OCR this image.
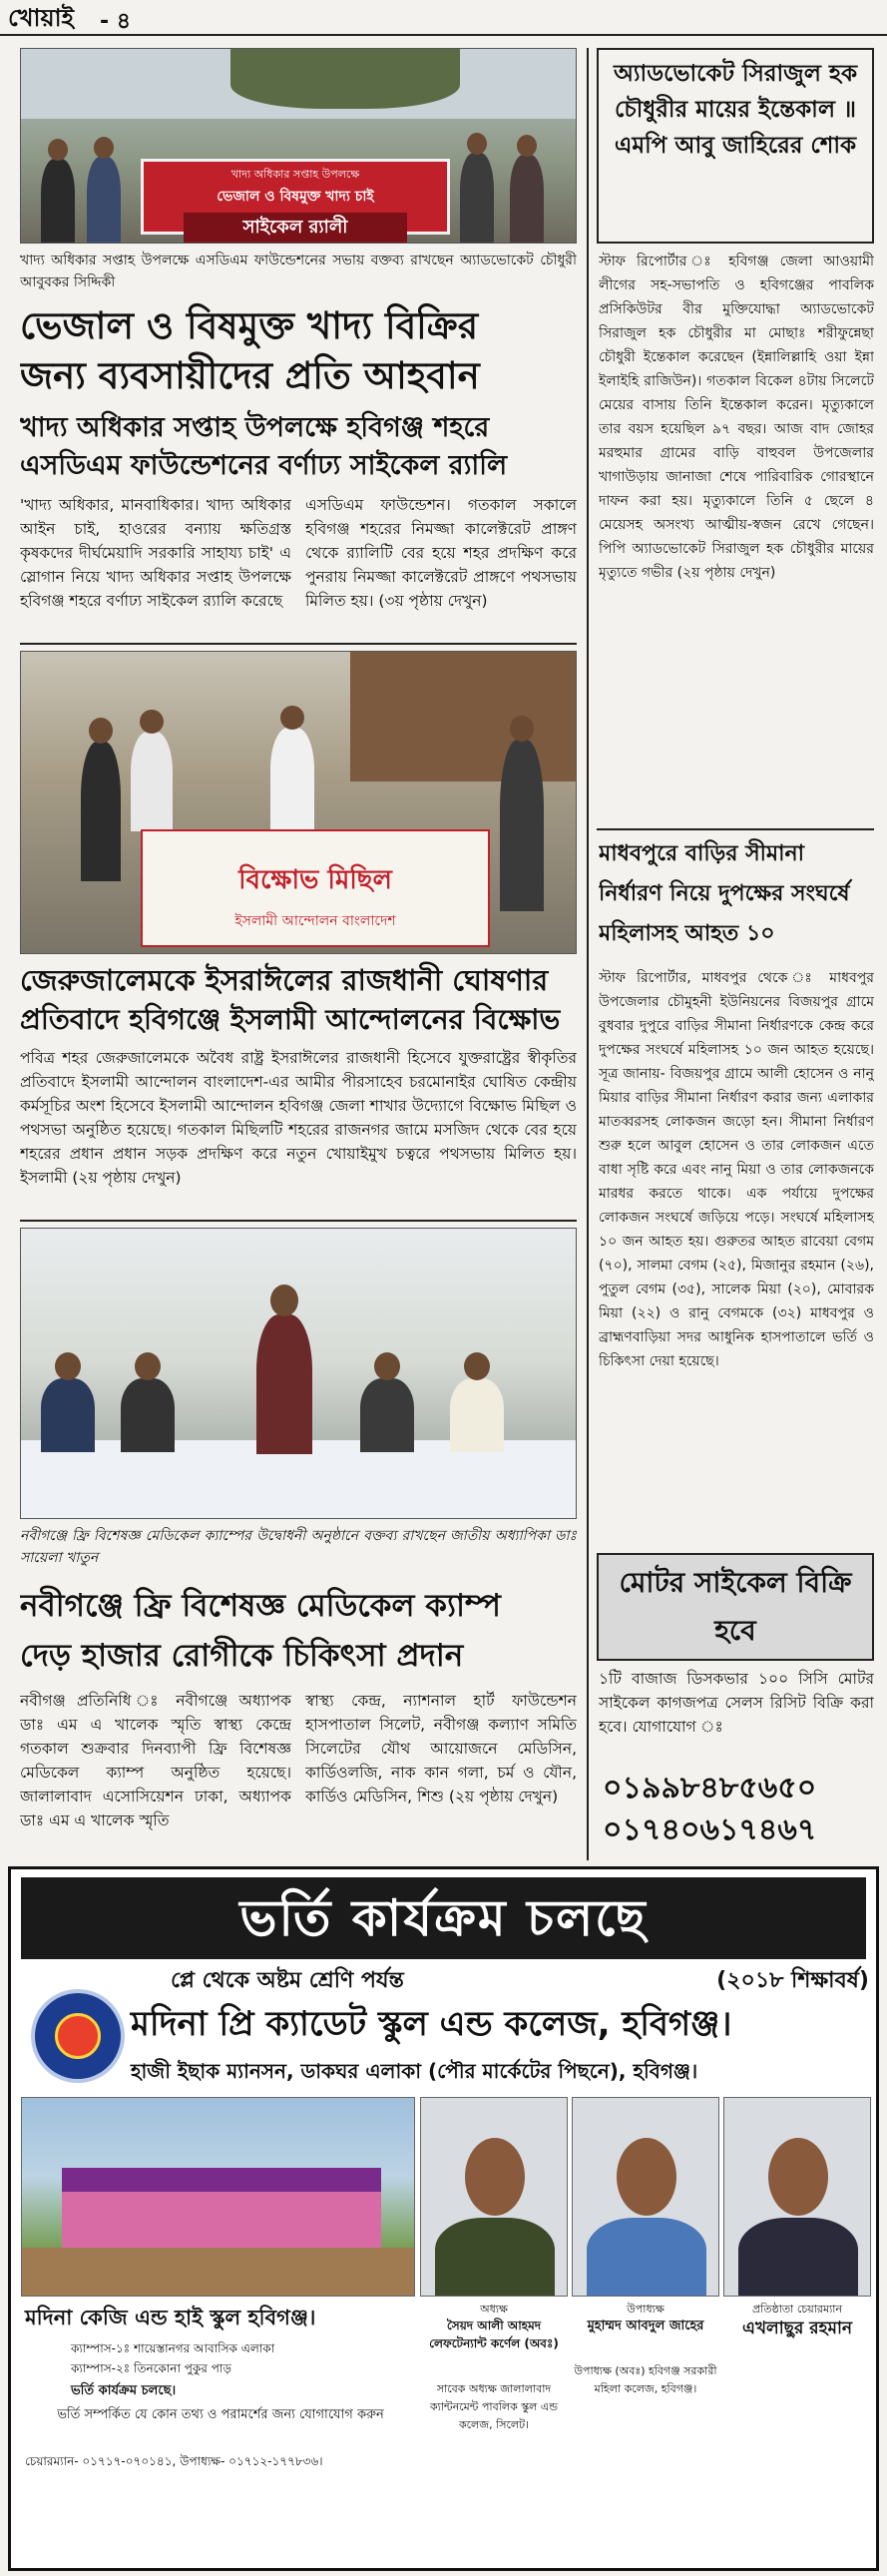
খোয়াই - ৪
খাদ্য অধিকার সপ্তাহ উপলক্ষে
ভেজাল ও বিষমুক্ত খাদ্য চাই
সাইকেল র‍্যালী
খাদ্য অধিকার সপ্তাহ উপলক্ষে এসডিএম ফাউন্ডেশনের সভায় বক্তব্য রাখছেন অ্যাডভোকেট চৌধুরী আবুবকর সিদ্দিকী
ভেজাল ও বিষমুক্ত খাদ্য বিক্রির
জন্য ব্যবসায়ীদের প্রতি আহবান
খাদ্য অধিকার সপ্তাহ উপলক্ষে হবিগঞ্জ শহরে
এসডিএম ফাউন্ডেশনের বর্ণাঢ্য সাইকেল র‍্যালি
'খাদ্য অধিকার, মানবাধিকার। খাদ্য অধিকার আইন চাই, হাওরের বন্যায় ক্ষতিগ্রস্ত কৃষকদের দীর্ঘমেয়াদি সরকারি সাহায্য চাই' এ স্লোগান নিয়ে খাদ্য অধিকার সপ্তাহ উপলক্ষে হবিগঞ্জ শহরে বর্ণাঢ্য সাইকেল র‍্যালি করেছে
এসডিএম ফাউন্ডেশন। গতকাল সকালে হবিগঞ্জ শহরের নিমজ্জা কালেক্টরেট প্রাঙ্গণ থেকে র‍্যালিটি বের হয়ে শহর প্রদক্ষিণ করে পুনরায় নিমজ্জা কালেক্টরেট প্রাঙ্গণে পথসভায় মিলিত হয়। (৩য় পৃষ্ঠায় দেখুন)
বিক্ষোভ মিছিল
ইসলামী আন্দোলন বাংলাদেশ
জেরুজালেমকে ইসরাঈলের রাজধানী ঘোষণার
প্রতিবাদে হবিগঞ্জে ইসলামী আন্দোলনের বিক্ষোভ
পবিত্র শহর জেরুজালেমকে অবৈধ রাষ্ট্র ইসরাঈলের রাজধানী হিসেবে যুক্তরাষ্ট্রের স্বীকৃতির প্রতিবাদে ইসলামী আন্দোলন বাংলাদেশ-এর আমীর পীরসাহেব চরমোনাইর ঘোষিত কেন্দ্রীয় কর্মসূচির অংশ হিসেবে ইসলামী আন্দোলন হবিগঞ্জ জেলা শাখার উদ্যোগে বিক্ষোভ মিছিল ও পথসভা অনুষ্ঠিত হয়েছে। গতকাল মিছিলটি শহরের রাজনগর জামে মসজিদ থেকে বের হয়ে শহরের প্রধান প্রধান সড়ক প্রদক্ষিণ করে নতুন খোয়াইমুখ চত্বরে পথসভায় মিলিত হয়। ইসলামী (২য় পৃষ্ঠায় দেখুন)
নবীগঞ্জে ফ্রি বিশেষজ্ঞ মেডিকেল ক্যাম্পের উদ্বোধনী অনুষ্ঠানে বক্তব্য রাখছেন জাতীয় অধ্যাপিকা ডাঃ সায়েলা খাতুন
নবীগঞ্জে ফ্রি বিশেষজ্ঞ মেডিকেল ক্যাম্প
দেড় হাজার রোগীকে চিকিৎসা প্রদান
নবীগঞ্জ প্রতিনিধি ঃ নবীগঞ্জে অধ্যাপক ডাঃ এম এ খালেক স্মৃতি স্বাস্থ্য কেন্দ্রে গতকাল শুক্রবার দিনব্যাপী ফ্রি বিশেষজ্ঞ মেডিকেল ক্যাম্প অনুষ্ঠিত হয়েছে। জালালাবাদ এসোসিয়েশন ঢাকা, অধ্যাপক ডাঃ এম এ খালেক স্মৃতি
স্বাস্থ্য কেন্দ্র, ন্যাশনাল হার্ট ফাউন্ডেশন হাসপাতাল সিলেট, নবীগঞ্জ কল্যাণ সমিতি সিলেটের যৌথ আয়োজনে মেডিসিন, কার্ডিওলজি, নাক কান গলা, চর্ম ও যৌন, কার্ডিও মেডিসিন, শিশু (২য় পৃষ্ঠায় দেখুন)
অ্যাডভোকেট সিরাজুল হক চৌধুরীর মায়ের ইন্তেকাল ॥ এমপি আবু জাহিরের শোক
স্টাফ রিপোর্টার ঃ হবিগঞ্জ জেলা আওয়ামী লীগের সহ-সভাপতি ও হবিগঞ্জের পাবলিক প্রসিকিউটর বীর মুক্তিযোদ্ধা অ্যাডভোকেট সিরাজুল হক চৌধুরীর মা মোছাঃ শরীফুন্নেছা চৌধুরী ইন্তেকাল করেছেন (ইন্নালিল্লাহি ওয়া ইন্না ইলাইহি রাজিউন)। গতকাল বিকেল ৪টায় সিলেটে মেয়ের বাসায় তিনি ইন্তেকাল করেন। মৃত্যুকালে তার বয়স হয়েছিল ৯৭ বছর। আজ বাদ জোহর মরহুমার গ্রামের বাড়ি বাহুবল উপজেলার খাগাউড়ায় জানাজা শেষে পারিবারিক গোরস্থানে দাফন করা হয়। মৃত্যুকালে তিনি ৫ ছেলে ৪ মেয়েসহ অসংখ্য আত্মীয়-স্বজন রেখে গেছেন। পিপি অ্যাডভোকেট সিরাজুল হক চৌধুরীর মায়ের মৃত্যুতে গভীর (২য় পৃষ্ঠায় দেখুন)
মাধবপুরে বাড়ির সীমানা নির্ধারণ নিয়ে দুপক্ষের সংঘর্ষে মহিলাসহ আহত ১০
স্টাফ রিপোর্টার, মাধবপুর থেকে ঃ মাধবপুর উপজেলার চৌমুহনী ইউনিয়নের বিজয়পুর গ্রামে বুধবার দুপুরে বাড়ির সীমানা নির্ধারণকে কেন্দ্র করে দুপক্ষের সংঘর্ষে মহিলাসহ ১০ জন আহত হয়েছে। সূত্র জানায়- বিজয়পুর গ্রামে আলী হোসেন ও নানু মিয়ার বাড়ির সীমানা নির্ধারণ করার জন্য এলাকার মাতব্বরসহ লোকজন জড়ো হন। সীমানা নির্ধারণ শুরু হলে আবুল হোসেন ও তার লোকজন এতে বাধা সৃষ্টি করে এবং নানু মিয়া ও তার লোকজনকে মারধর করতে থাকে। এক পর্যায়ে দুপক্ষের লোকজন সংঘর্ষে জড়িয়ে পড়ে। সংঘর্ষে মহিলাসহ ১০ জন আহত হয়। গুরুতর আহত রাবেয়া বেগম (৭০), সালমা বেগম (২৫), মিজানুর রহমান (২৬), পুতুল বেগম (৩৫), সালেক মিয়া (২০), মোবারক মিয়া (২২) ও রানু বেগমকে (৩২) মাধবপুর ও ব্রাহ্মণবাড়িয়া সদর আধুনিক হাসপাতালে ভর্তি ও চিকিৎসা দেয়া হয়েছে।
মোটর সাইকেল বিক্রি হবে
১টি বাজাজ ডিসকভার ১০০ সিসি মোটর সাইকেল কাগজপত্র সেলস রিসিট বিক্রি করা হবে। যোগাযোগ ঃ
০১৯৯৮৪৮৫৬৫০
০১৭৪০৬১৭৪৬৭
ভর্তি কার্যক্রম চলছে
প্লে থেকে অষ্টম শ্রেণি পর্যন্ত	(২০১৮ শিক্ষাবর্ষ)
মদিনা প্রি ক্যাডেট স্কুল এন্ড কলেজ, হবিগঞ্জ।
হাজী ইছাক ম্যানসন, ডাকঘর এলাকা (পৌর মার্কেটের পিছনে), হবিগঞ্জ।
মদিনা কেজি এন্ড হাই স্কুল হবিগঞ্জ।
ক্যাম্পাস-১ঃ শায়েস্তানগর আবাসিক এলাকা
ক্যাম্পাস-২ঃ তিনকোনা পুকুর পাড়
ভর্তি কার্যক্রম চলছে।
ভর্তি সম্পর্কিত যে কোন তথ্য ও পরামর্শের জন্য যোগাযোগ করুন
চেয়ারম্যান- ০১৭১৭-০৭০১৪১, উপাধ্যক্ষ- ০১৭১২-১৭৭৮৩৬।
অধ্যক্ষ
সৈয়দ আলী আহমদ লেফটেন্যান্ট কর্ণেল (অবঃ)
সাবেক অধ্যক্ষ জালালাবাদ ক্যান্টনমেন্ট পাবলিক স্কুল এন্ড কলেজ, সিলেট।
উপাধ্যক্ষ
মুহাম্মদ আবদুল জাহের
উপাধ্যক্ষ (অবঃ) হবিগঞ্জ সরকারী মহিলা কলেজ, হবিগঞ্জ।
প্রতিষ্ঠাতা চেয়ারম্যান
এখলাছুর রহমান
